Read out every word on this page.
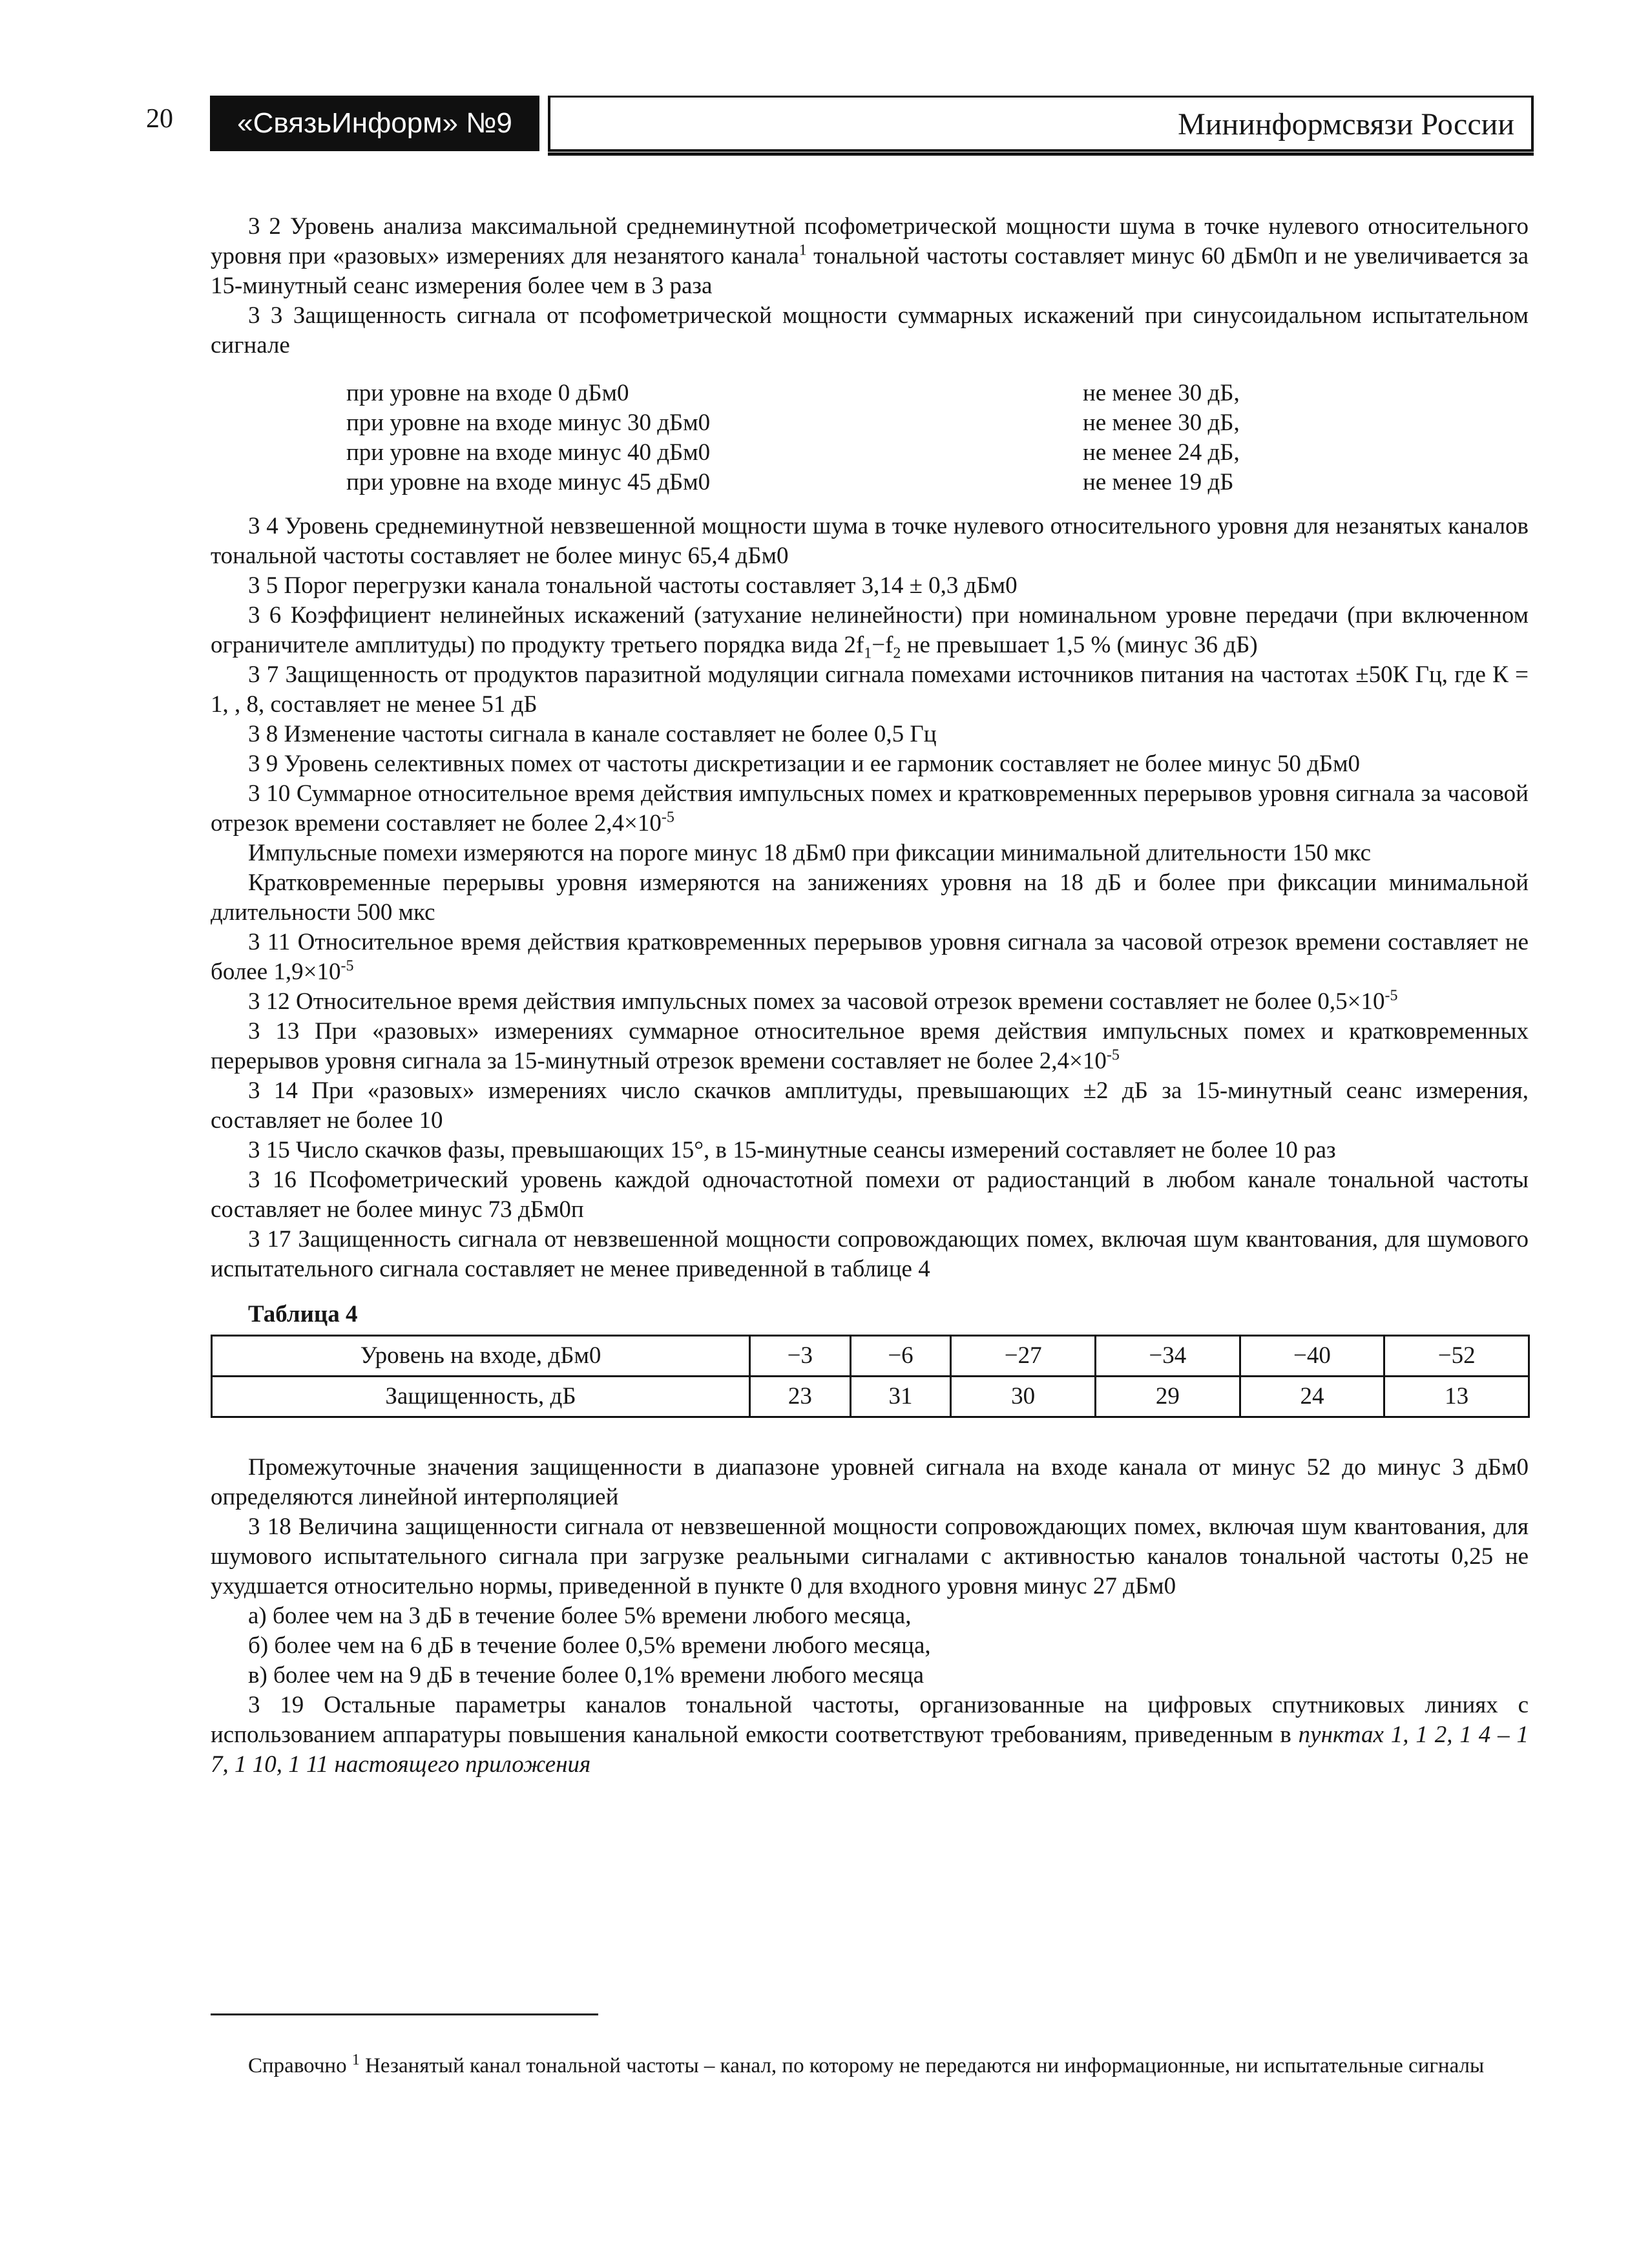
20 «СвязьИнформ» №9	Мининформсвязи России

3 2 Уровень анализа максимальной среднеминутной псофометрической мощности шума в точке нулевого относительного уровня при «разовых» измерениях для незанятого канала$^1$ тональной частоты составляет минус 60 дБм0п и не увеличивается за 15-минутный сеанс измерения более чем в 3 раза

3 3 Защищенность сигнала от псофометрической мощности суммарных искажений при синусоидальном испытательном сигнале

при уровне на входе 0 дБм0	не менее 30 дБ,
при уровне на входе минус 30 дБм0	не менее 30 дБ,
при уровне на входе минус 40 дБм0	не менее 24 дБ,
при уровне на входе минус 45 дБм0	не менее 19 дБ

3 4 Уровень среднеминутной невзвешенной мощности шума в точке нулевого относительного уровня для незанятых каналов тональной частоты составляет не более минус 65,4 дБм0

3 5 Порог перегрузки канала тональной частоты составляет 3,14 ± 0,3 дБм0

3 6 Коэффициент нелинейных искажений (затухание нелинейности) при номинальном уровне передачи (при включенном ограничителе амплитуды) по продукту третьего порядка вида $2f_1-f_2$ не превышает 1,5 % (минус 36 дБ)

3 7 Защищенность от продуктов паразитной модуляции сигнала помехами источников питания на частотах ±50К Гц, где К = 1, , 8, составляет не менее 51 дБ

3 8 Изменение частоты сигнала в канале составляет не более 0,5 Гц

3 9 Уровень селективных помех от частоты дискретизации и ее гармоник составляет не более минус 50 дБм0

3 10 Суммарное относительное время действия импульсных помех и кратковременных перерывов уровня сигнала за часовой отрезок времени составляет не более $2,4\times 10^{-5}$

Импульсные помехи измеряются на пороге минус 18 дБм0 при фиксации минимальной длительности 150 мкс

Кратковременные перерывы уровня измеряются на занижениях уровня на 18 дБ и более при фиксации минимальной длительности 500 мкс

3 11 Относительное время действия кратковременных перерывов уровня сигнала за часовой отрезок времени составляет не более $1,9\times 10^{-5}$

3 12 Относительное время действия импульсных помех за часовой отрезок времени составляет не более $0,5\times 10^{-5}$

3 13 При «разовых» измерениях суммарное относительное время действия импульсных помех и кратковременных перерывов уровня сигнала за 15-минутный отрезок времени составляет не более $2,4\times 10^{-5}$

3 14 При «разовых» измерениях число скачков амплитуды, превышающих ±2 дБ за 15-минутный сеанс измерения, составляет не более 10

3 15 Число скачков фазы, превышающих 15°, в 15-минутные сеансы измерений составляет не более 10 раз

3 16 Псофометрический уровень каждой одночастотной помехи от радиостанций в любом канале тональной частоты составляет не более минус 73 дБм0п

3 17 Защищенность сигнала от невзвешенной мощности сопровождающих помех, включая шум квантования, для шумового испытательного сигнала составляет не менее приведенной в таблице 4

Таблица 4

Уровень на входе, дБм0	−3	−6	−27	−34	−40	−52
Защищенность, дБ	23	31	30	29	24	13

Промежуточные значения защищенности в диапазоне уровней сигнала на входе канала от минус 52 до минус 3 дБм0 определяются линейной интерполяцией

3 18 Величина защищенности сигнала от невзвешенной мощности сопровождающих помех, включая шум квантования, для шумового испытательного сигнала при загрузке реальными сигналами с активностью каналов тональной частоты 0,25 не ухудшается относительно нормы, приведенной в пункте 0 для входного уровня минус 27 дБм0

а) более чем на 3 дБ в течение более 5% времени любого месяца,

б) более чем на 6 дБ в течение более 0,5% времени любого месяца,

в) более чем на 9 дБ в течение более 0,1% времени любого месяца

3 19 Остальные параметры каналов тональной частоты, организованные на цифровых спутниковых линиях с использованием аппаратуры повышения канальной емкости соответствуют требованиям, приведенным в пунктах 1, 1 2, 1 4 – 1 7, 1 10, 1 11 настоящего приложения

Справочно $^1$ Незанятый канал тональной частоты – канал, по которому не передаются ни информационные, ни испытательные сигналы
